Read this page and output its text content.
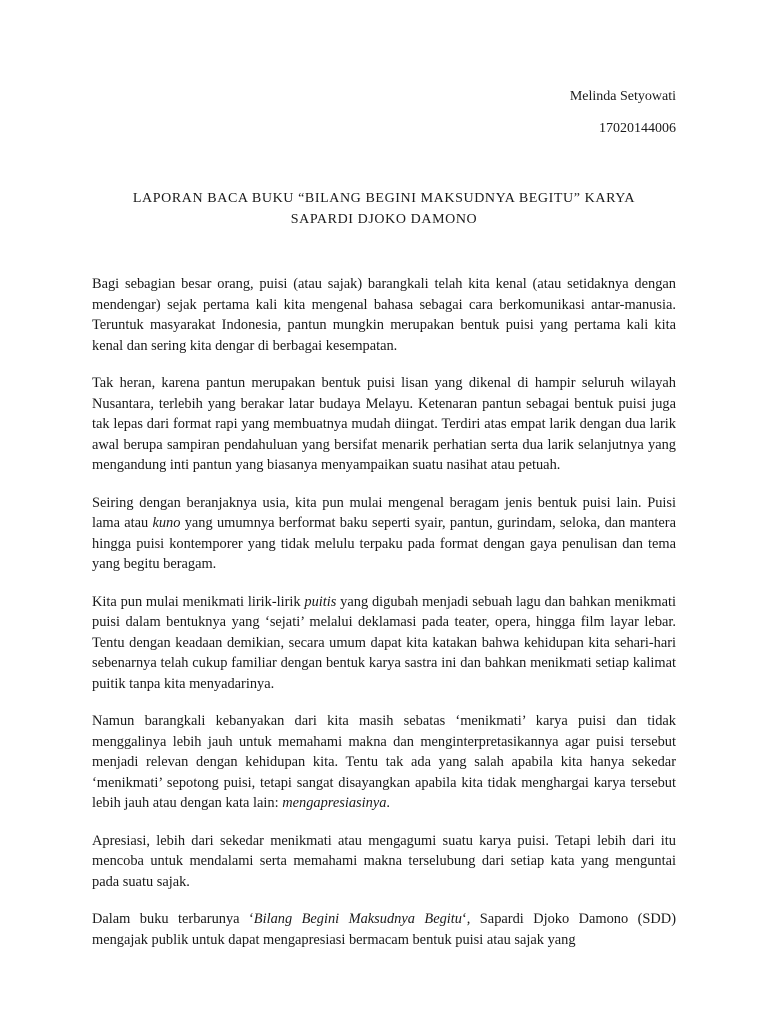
Melinda Setyowati
17020144006
LAPORAN BACA BUKU “BILANG BEGINI MAKSUDNYA BEGITU” KARYA
SAPARDI DJOKO DAMONO

Bagi sebagian besar orang, puisi (atau sajak) barangkali telah kita kenal (atau setidaknya dengan mendengar) sejak pertama kali kita mengenal bahasa sebagai cara berkomunikasi antar-manusia. Teruntuk masyarakat Indonesia, pantun mungkin merupakan bentuk puisi yang pertama kali kita kenal dan sering kita dengar di berbagai kesempatan.

Tak heran, karena pantun merupakan bentuk puisi lisan yang dikenal di hampir seluruh wilayah Nusantara, terlebih yang berakar latar budaya Melayu. Ketenaran pantun sebagai bentuk puisi juga tak lepas dari format rapi yang membuatnya mudah diingat. Terdiri atas empat larik dengan dua larik awal berupa sampiran pendahuluan yang bersifat menarik perhatian serta dua larik selanjutnya yang mengandung inti pantun yang biasanya menyampaikan suatu nasihat atau petuah.

Seiring dengan beranjaknya usia, kita pun mulai mengenal beragam jenis bentuk puisi lain. Puisi lama atau kuno yang umumnya berformat baku seperti syair, pantun, gurindam, seloka, dan mantera hingga puisi kontemporer yang tidak melulu terpaku pada format dengan gaya penulisan dan tema yang begitu beragam.

Kita pun mulai menikmati lirik-lirik puitis yang digubah menjadi sebuah lagu dan bahkan menikmati puisi dalam bentuknya yang ‘sejati’ melalui deklamasi pada teater, opera, hingga film layar lebar. Tentu dengan keadaan demikian, secara umum dapat kita katakan bahwa kehidupan kita sehari-hari sebenarnya telah cukup familiar dengan bentuk karya sastra ini dan bahkan menikmati setiap kalimat puitik tanpa kita menyadarinya.

Namun barangkali kebanyakan dari kita masih sebatas ‘menikmati’ karya puisi dan tidak menggalinya lebih jauh untuk memahami makna dan menginterpretasikannya agar puisi tersebut menjadi relevan dengan kehidupan kita. Tentu tak ada yang salah apabila kita hanya sekedar ‘menikmati’ sepotong puisi, tetapi sangat disayangkan apabila kita tidak menghargai karya tersebut lebih jauh atau dengan kata lain: mengapresiasinya.

Apresiasi, lebih dari sekedar menikmati atau mengagumi suatu karya puisi. Tetapi lebih dari itu mencoba untuk mendalami serta memahami makna terselubung dari setiap kata yang menguntai pada suatu sajak.

Dalam buku terbarunya ‘Bilang Begini Maksudnya Begitu‘, Sapardi Djoko Damono (SDD) mengajak publik untuk dapat mengapresiasi bermacam bentuk puisi atau sajak yang
